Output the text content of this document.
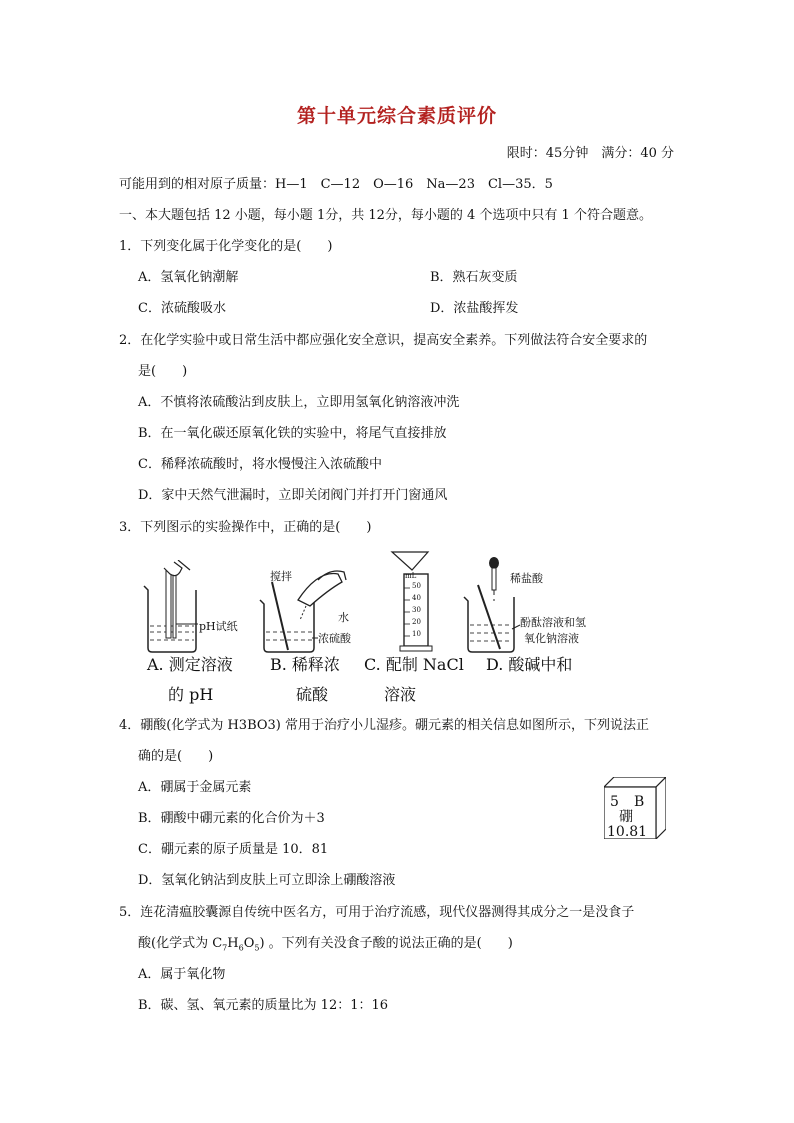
第十单元综合素质评价
限时：45分钟　满分：40 分
可能用到的相对原子质量：H—1　C—12　O—16　Na—23　Cl—35．5
一、本大题包括 12 小题，每小题 1分，共 12分，每小题的 4 个选项中只有 1 个符合题意。
1．下列变化属于化学变化的是(　　)
A．氢氧化钠潮解	B．熟石灰变质
C．浓硫酸吸水	D．浓盐酸挥发
2．在化学实验中或日常生活中都应强化安全意识，提高安全素养。下列做法符合安全要求的
是(　　)
A．不慎将浓硫酸沾到皮肤上，立即用氢氧化钠溶液冲洗
B．在一氧化碳还原氧化铁的实验中，将尾气直接排放
C．稀释浓硫酸时，将水慢慢注入浓硫酸中
D．家中天然气泄漏时，立即关闭阀门并打开门窗通风
3．下列图示的实验操作中，正确的是(　　)
pH试纸
A. 测定溶液
的 pH
搅拌
水
浓硫酸
B. 稀释浓
硫酸
mL
50
40
30
20
10
C. 配制 NaCl
溶液
稀盐酸
酚酞溶液和氢
氧化钠溶液
D. 酸碱中和
4．硼酸(化学式为 H3BO3) 常用于治疗小儿湿疹。硼元素的相关信息如图所示，下列说法正
确的是(　　)
A．硼属于金属元素
B．硼酸中硼元素的化合价为＋3
C．硼元素的原子质量是 10．81
D．氢氧化钠沾到皮肤上可立即涂上硼酸溶液
5 B
硼
10.81
5．连花清瘟胶囊源自传统中医名方，可用于治疗流感，现代仪器测得其成分之一是没食子
酸(化学式为 $C_7H_6O_5$) 。下列有关没食子酸的说法正确的是(　　)
A．属于氧化物
B．碳、氢、氧元素的质量比为 12：1：16
